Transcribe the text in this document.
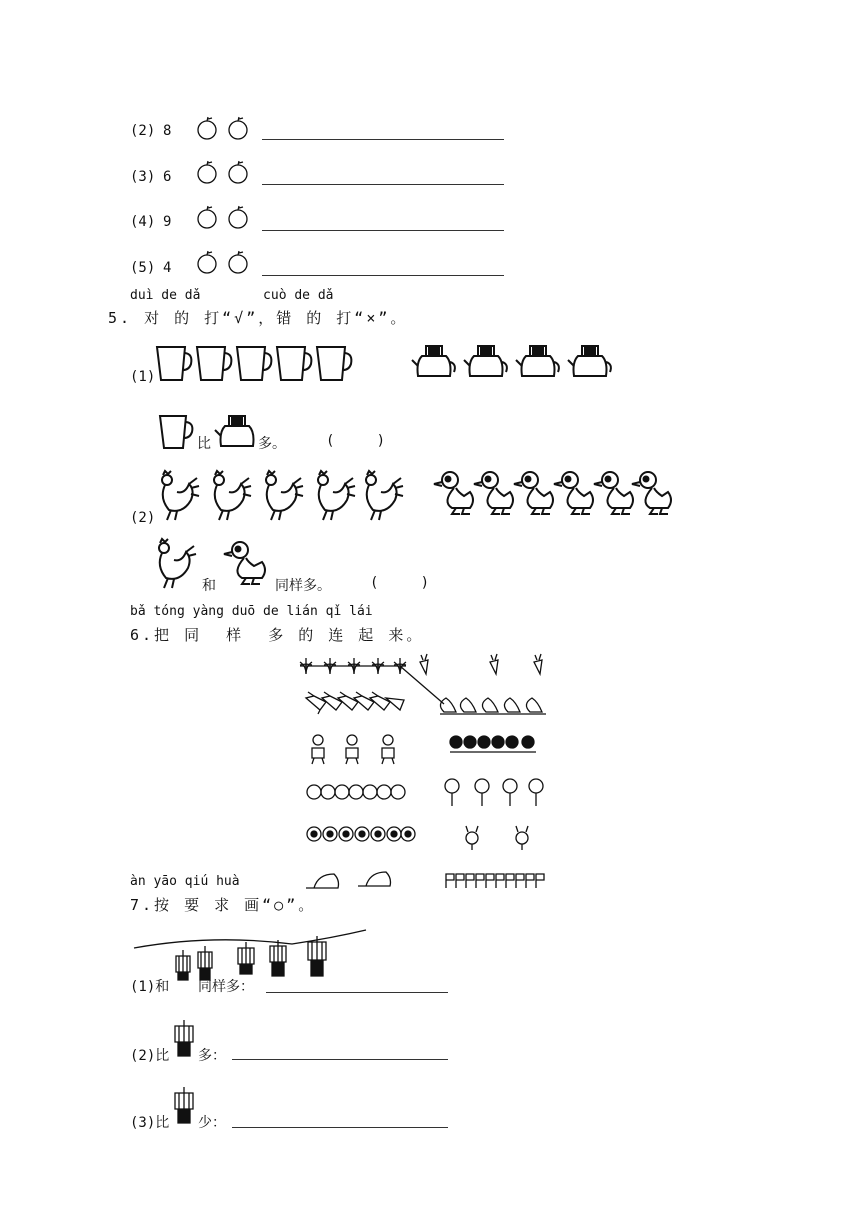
(2) 8
(3) 6
(4) 9
(5) 4
duì de dǎ        cuò de dǎ
5. 对 的 打“√”，错 的 打“×”。
(1)
比	多。	(     )
(2)
和	同样多。	(     )
bǎ tóng yàng duō de lián qǐ lái
6.把 同  样  多 的 连 起 来。
àn yāo qiú huà
7.按 要 求 画“○”。
(1)和 同样多：
(2)比 多：
(3)比 少：
